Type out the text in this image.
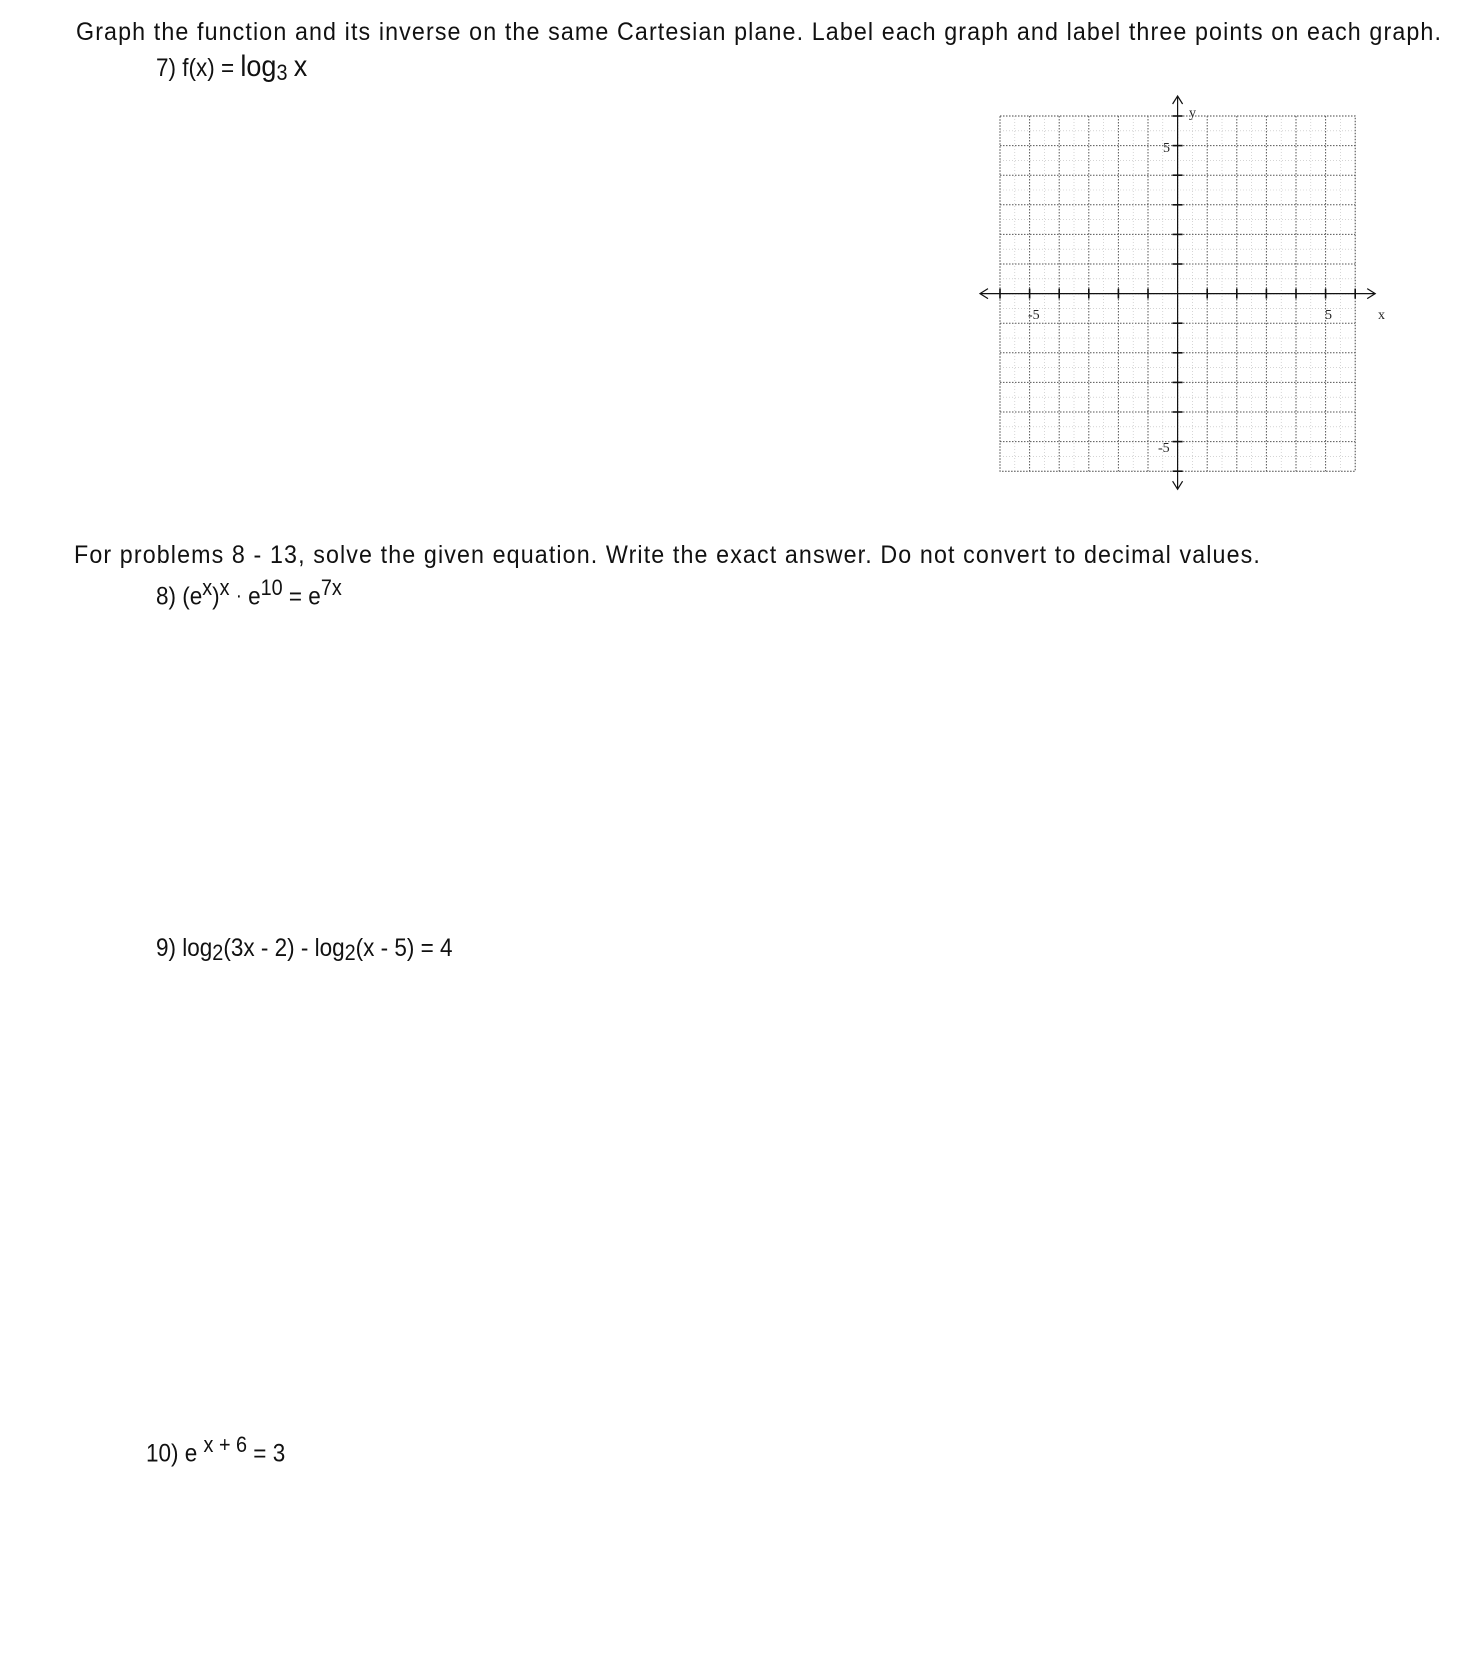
Graph the function and its inverse on the same Cartesian plane. Label each graph and label three points on each graph.
7) $f(x) = \log_3 x$
y
x
-5	5
5
-5
For problems 8 - 13, solve the given equation. Write the exact answer. Do not convert to decimal values.
8) $(e^x)^x \cdot e^{10} = e^{7x}$
9) $\log_2(3x - 2) - \log_2(x - 5) = 4$
10) e $^{x + 6}$ = 3
